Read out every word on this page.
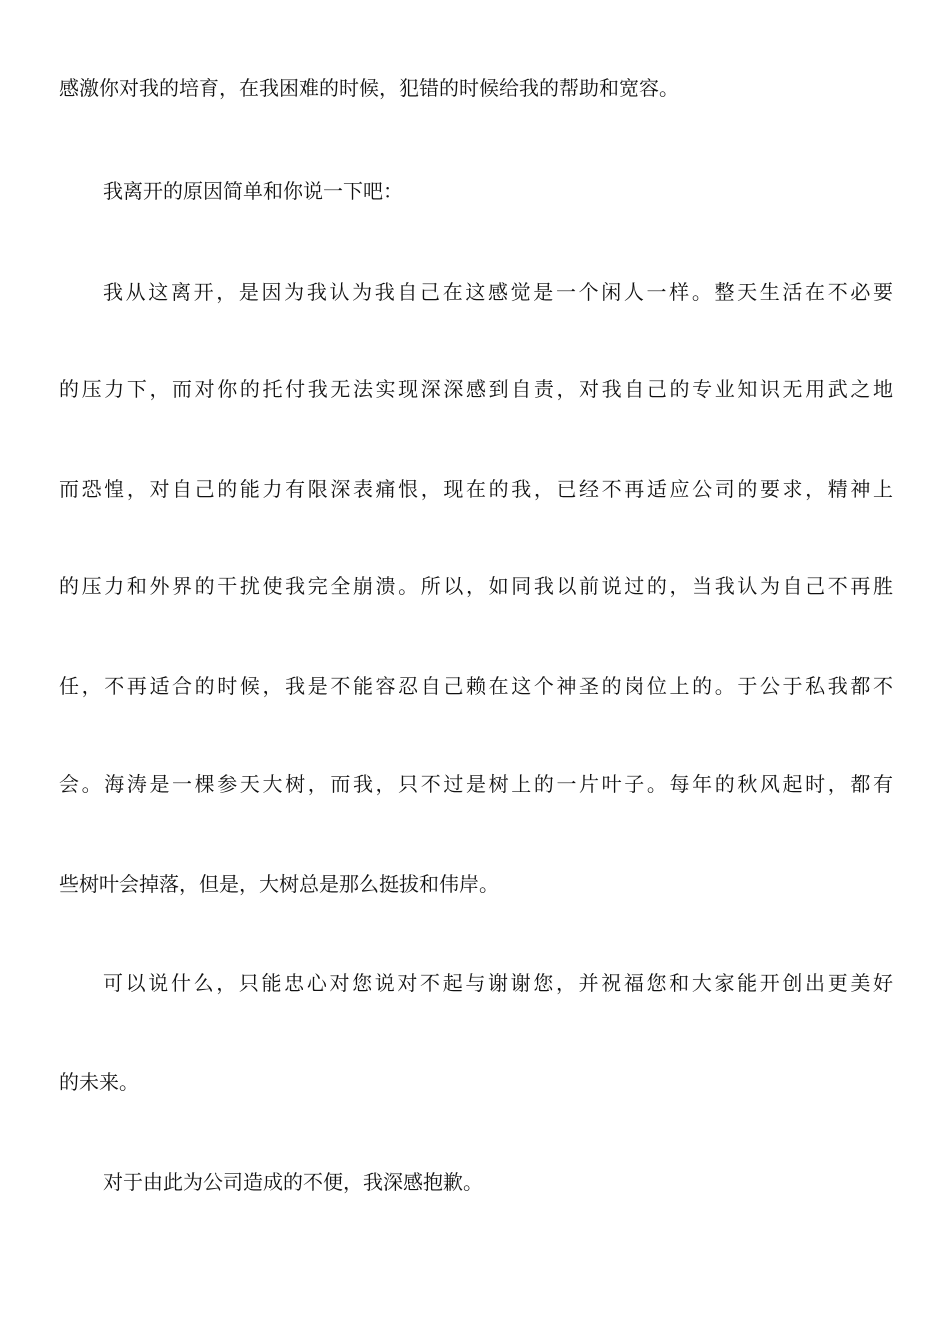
感激你对我的培育，在我困难的时候，犯错的时候给我的帮助和宽容。
我离开的原因简单和你说一下吧：
我从这离开，是因为我认为我自己在这感觉是一个闲人一样。整天生活在不必要
的压力下，而对你的托付我无法实现深深感到自责，对我自己的专业知识无用武之地
而恐惶，对自己的能力有限深表痛恨，现在的我，已经不再适应公司的要求，精神上
的压力和外界的干扰使我完全崩溃。所以，如同我以前说过的，当我认为自己不再胜
任，不再适合的时候，我是不能容忍自己赖在这个神圣的岗位上的。于公于私我都不
会。海涛是一棵参天大树，而我，只不过是树上的一片叶子。每年的秋风起时，都有
些树叶会掉落，但是，大树总是那么挺拔和伟岸。
可以说什么，只能忠心对您说对不起与谢谢您，并祝福您和大家能开创出更美好
的未来。
对于由此为公司造成的不便，我深感抱歉。
